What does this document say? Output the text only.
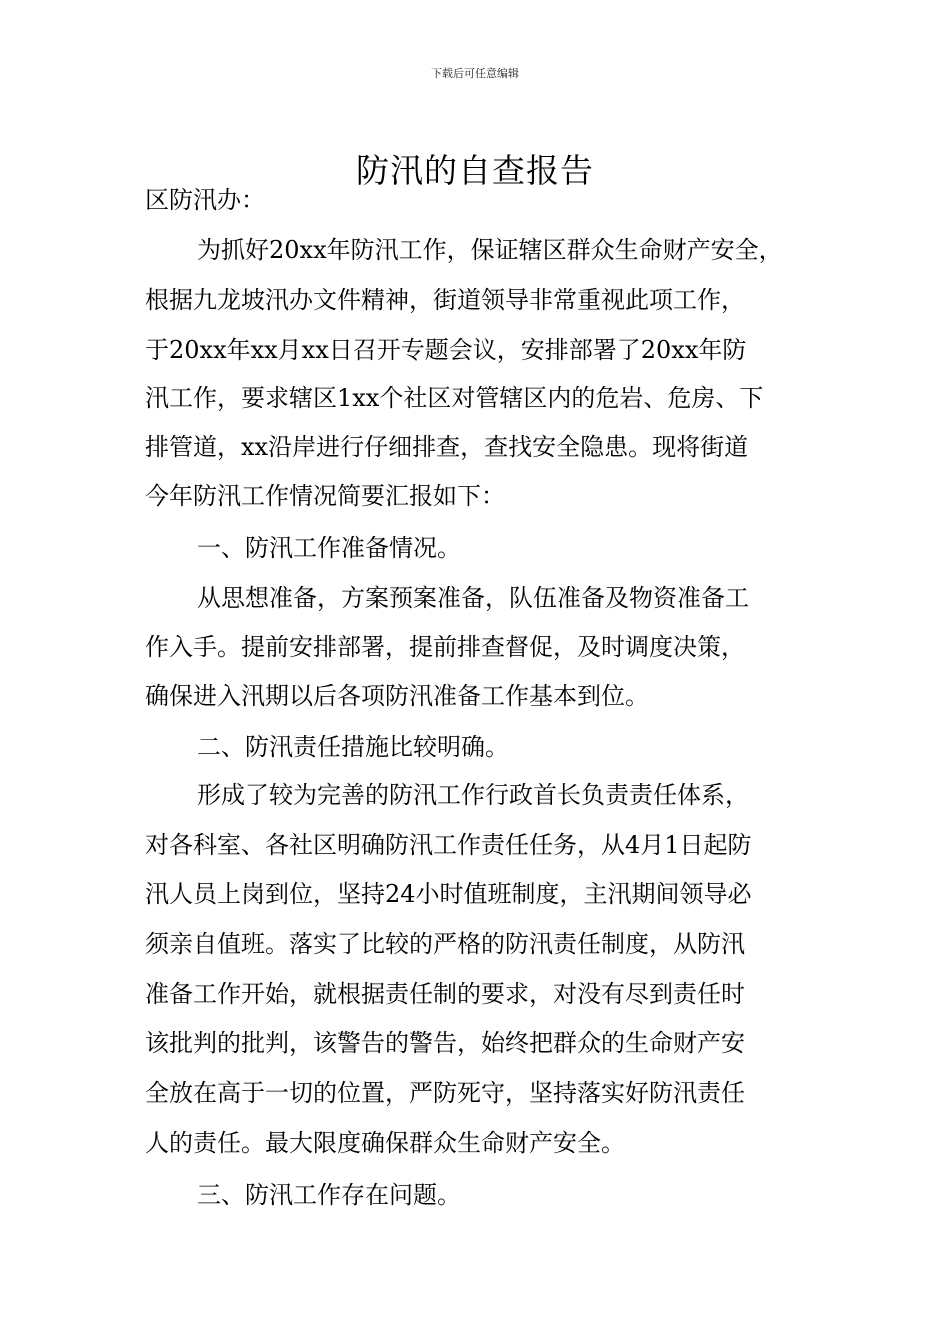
下载后可任意编辑
防汛的自查报告
区防汛办：
为抓好20xx年防汛工作，保证辖区群众生命财产安全，
根据九龙坡汛办文件精神，街道领导非常重视此项工作，
于20xx年xx月xx日召开专题会议，安排部署了20xx年防
汛工作，要求辖区1xx个社区对管辖区内的危岩、危房、下
排管道，xx沿岸进行仔细排查，查找安全隐患。现将街道
今年防汛工作情况简要汇报如下：
一、防汛工作准备情况。
从思想准备，方案预案准备，队伍准备及物资准备工
作入手。提前安排部署，提前排查督促，及时调度决策，
确保进入汛期以后各项防汛准备工作基本到位。
二、防汛责任措施比较明确。
形成了较为完善的防汛工作行政首长负责责任体系，
对各科室、各社区明确防汛工作责任任务，从4月1日起防
汛人员上岗到位，坚持24小时值班制度，主汛期间领导必
须亲自值班。落实了比较的严格的防汛责任制度，从防汛
准备工作开始，就根据责任制的要求，对没有尽到责任时
该批判的批判，该警告的警告，始终把群众的生命财产安
全放在高于一切的位置，严防死守，坚持落实好防汛责任
人的责任。最大限度确保群众生命财产安全。
三、防汛工作存在问题。
